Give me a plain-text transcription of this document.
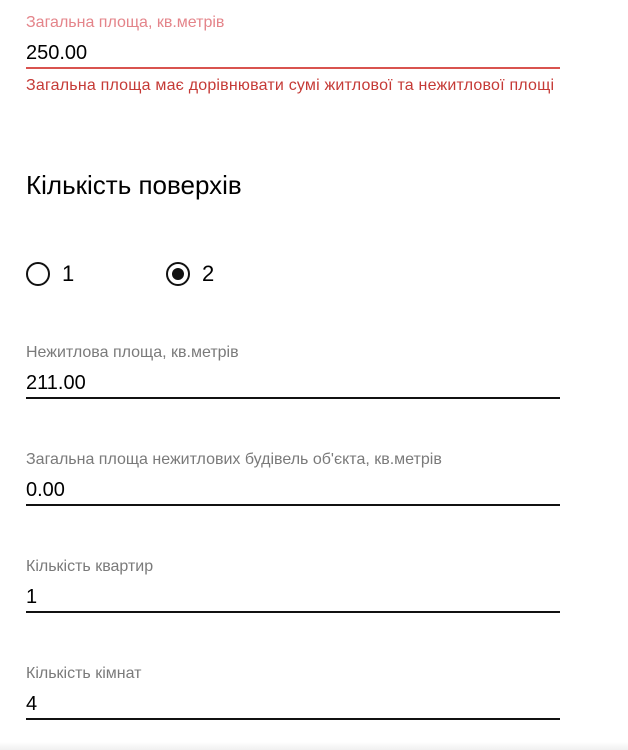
Загальна площа, кв.метрів
250.00
Загальна площа має дорівнювати сумі житлової та нежитлової площі
Кількість поверхів
1	2
Нежитлова площа, кв.метрів
211.00
Загальна площа нежитлових будівель об'єкта, кв.метрів
0.00
Кількість квартир
1
Кількість кімнат
4
